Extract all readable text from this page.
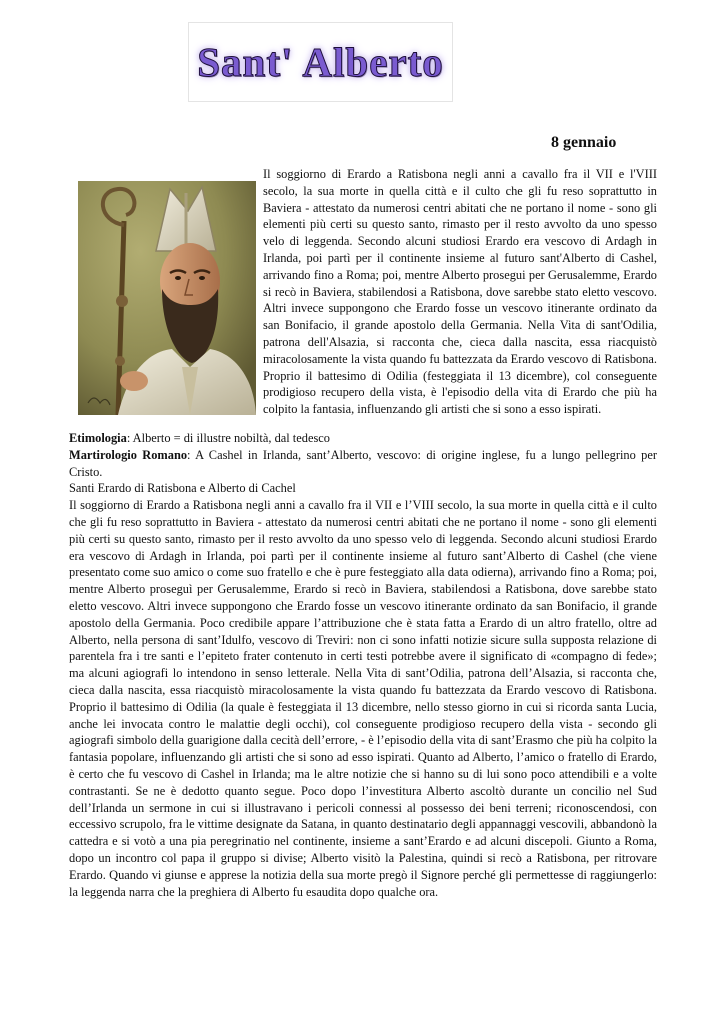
Sant' Alberto
8 gennaio

Il soggiorno di Erardo a Ratisbona negli anni a cavallo fra il VII e l'VIII secolo, la sua morte in quella città e il culto che gli fu reso soprattutto in Baviera - attestato da numerosi centri abitati che ne portano il nome - sono gli elementi più certi su questo santo, rimasto per il resto avvolto da uno spesso velo di leggenda. Secondo alcuni studiosi Erardo era vescovo di Ardagh in Irlanda, poi partì per il continente insieme al futuro sant'Alberto di Cashel, arrivando fino a Roma; poi, mentre Alberto prosegui per Gerusalemme, Erardo si recò in Baviera, stabilendosi a Ratisbona, dove sarebbe stato eletto vescovo. Altri invece suppongono che Erardo fosse un vescovo itinerante ordinato da san Bonifacio, il grande apostolo della Germania. Nella Vita di sant'Odilia, patrona dell'Alsazia, si racconta che, cieca dalla nascita, essa riacquistò miracolosamente la vista quando fu battezzata da Erardo vescovo di Ratisbona. Proprio il battesimo di Odilia (festeggiata il 13 dicembre), col conseguente prodigioso recupero della vista, è l'episodio della vita di Erardo che più ha colpito la fantasia, influenzando gli artisti che si sono a esso ispirati.

Etimologia: Alberto = di illustre nobiltà, dal tedesco

Martirologio Romano: A Cashel in Irlanda, sant’Alberto, vescovo: di origine inglese, fu a lungo pellegrino per Cristo.

Santi Erardo di Ratisbona e Alberto di Cachel

Il soggiorno di Erardo a Ratisbona negli anni a cavallo fra il VII e l’VIII secolo, la sua morte in quella città e il culto che gli fu reso soprattutto in Baviera - attestato da numerosi centri abitati che ne portano il nome - sono gli elementi più certi su questo santo, rimasto per il resto avvolto da uno spesso velo di leggenda. Secondo alcuni studiosi Erardo era vescovo di Ardagh in Irlanda, poi partì per il continente insieme al futuro sant’Alberto di Cashel (che viene presentato come suo amico o come suo fratello e che è pure festeggiato alla data odierna), arrivando fino a Roma; poi, mentre Alberto proseguì per Gerusalemme, Erardo si recò in Baviera, stabilendosi a Ratisbona, dove sarebbe stato eletto vescovo. Altri invece suppongono che Erardo fosse un vescovo itinerante ordinato da san Bonifacio, il grande apostolo della Germania. Poco credibile appare l’attribuzione che è stata fatta a Erardo di un altro fratello, oltre ad Alberto, nella persona di sant’Idulfo, vescovo di Treviri: non ci sono infatti notizie sicure sulla supposta relazione di parentela fra i tre santi e l’epiteto frater contenuto in certi testi potrebbe avere il significato di «compagno di fede»; ma alcuni agiografi lo intendono in senso letterale. Nella Vita di sant’Odilia, patrona dell’Alsazia, si racconta che, cieca dalla nascita, essa riacquistò miracolosamente la vista quando fu battezzata da Erardo vescovo di Ratisbona. Proprio il battesimo di Odilia (la quale è festeggiata il 13 dicembre, nello stesso giorno in cui si ricorda santa Lucia, anche lei invocata contro le malattie degli occhi), col conseguente prodigioso recupero della vista - secondo gli agiografi simbolo della guarigione dalla cecità dell’errore, - è l’episodio della vita di sant’Erasmo che più ha colpito la fantasia popolare, influenzando gli artisti che si sono ad esso ispirati. Quanto ad Alberto, l’amico o fratello di Erardo, è certo che fu vescovo di Cashel in Irlanda; ma le altre notizie che si hanno su di lui sono poco attendibili e a volte contrastanti. Se ne è dedotto quanto segue. Poco dopo l’investitura Alberto ascoltò durante un concilio nel Sud dell’Irlanda un sermone in cui si illustravano i pericoli connessi al possesso dei beni terreni; riconoscendosi, con eccessivo scrupolo, fra le vittime designate da Satana, in quanto destinatario degli appannaggi vescovili, abbandonò la cattedra e si votò a una pia peregrinatio nel continente, insieme a sant’Erardo e ad alcuni discepoli. Giunto a Roma, dopo un incontro col papa il gruppo si divise; Alberto visitò la Palestina, quindi si recò a Ratisbona, per ritrovare Erardo. Quando vi giunse e apprese la notizia della sua morte pregò il Signore perché gli permettesse di raggiungerlo: la leggenda narra che la preghiera di Alberto fu esaudita dopo qualche ora.
